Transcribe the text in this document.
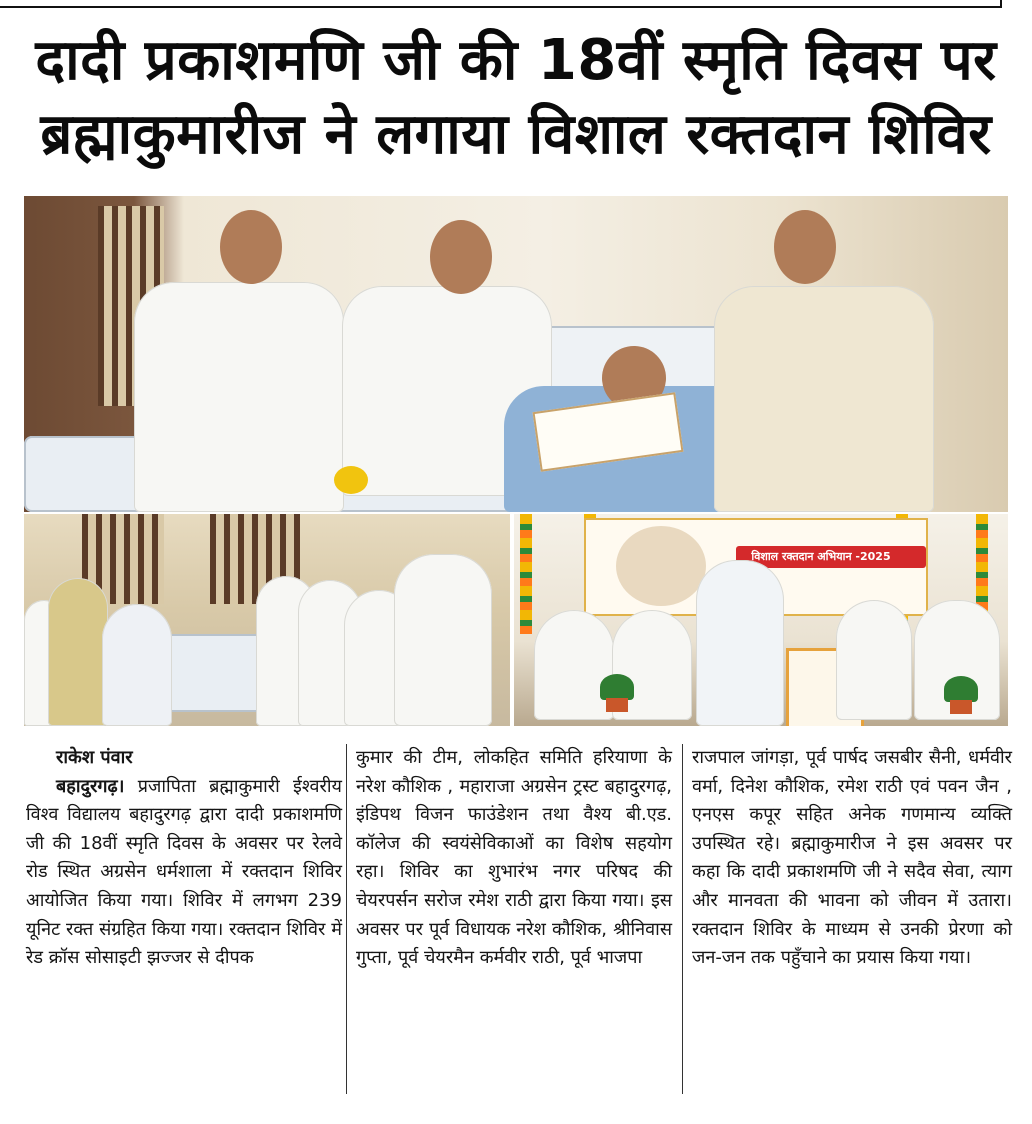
दादी प्रकाशमणि जी की 18वीं स्मृति दिवस पर
ब्रह्माकुमारीज ने लगाया विशाल रक्तदान शिविर
विशाल रक्तदान अभियान -2025
राकेश पंवार
बहादुरगढ़। प्रजापिता ब्रह्माकुमारी ईश्वरीय विश्व विद्यालय बहादुरगढ़ द्वारा दादी प्रकाशमणि जी की 18वीं स्मृति दिवस के अवसर पर रेलवे रोड स्थित अग्रसेन धर्मशाला में रक्तदान शिविर आयोजित किया गया। शिविर में लगभग 239 यूनिट रक्त संग्रहित किया गया। रक्तदान शिविर में रेड क्रॉस सोसाइटी झज्जर से दीपक
कुमार की टीम, लोकहित समिति हरियाणा के नरेश कौशिक , महाराजा अग्रसेन ट्रस्ट बहादुरगढ़, इंडिपथ विजन फाउंडेशन तथा वैश्य बी.एड. कॉलेज की स्वयंसेविकाओं का विशेष सहयोग रहा। शिविर का शुभारंभ नगर परिषद की चेयरपर्सन सरोज रमेश राठी द्वारा किया गया। इस अवसर पर पूर्व विधायक नरेश कौशिक, श्रीनिवास गुप्ता, पूर्व चेयरमैन कर्मवीर राठी, पूर्व भाजपा
राजपाल जांगड़ा, पूर्व पार्षद जसबीर सैनी, धर्मवीर वर्मा, दिनेश कौशिक, रमेश राठी एवं पवन जैन , एनएस कपूर सहित अनेक गणमान्य व्यक्ति उपस्थित रहे। ब्रह्माकुमारीज ने इस अवसर पर कहा कि दादी प्रकाशमणि जी ने सदैव सेवा, त्याग और मानवता की भावना को जीवन में उतारा। रक्तदान शिविर के माध्यम से उनकी प्रेरणा को जन-जन तक पहुँचाने का प्रयास किया गया।
